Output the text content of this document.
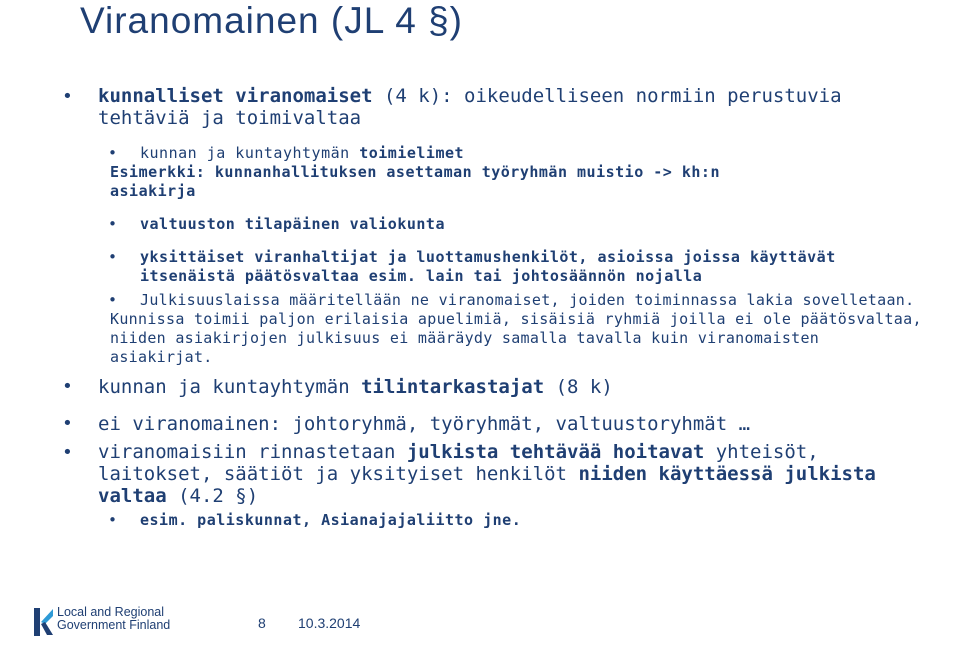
Viranomainen (JL 4 §)
• kunnalliset viranomaiset (4 k): oikeudelliseen normiin perustuvia
tehtäviä ja toimivaltaa
• kunnan ja kuntayhtymän toimielimet

Esimerkki: kunnanhallituksen asettaman työryhmän muistio -> kh:n
asiakirja
• valtuuston tilapäinen valiokunta
• yksittäiset viranhaltijat ja luottamushenkilöt, asioissa joissa käyttävät
itsenäistä päätösvaltaa esim. lain tai johtosäännön nojalla
• Julkisuuslaissa määritellään ne viranomaiset, joiden toiminnassa lakia sovelletaan.

Kunnissa toimii paljon erilaisia apuelimiä, sisäisiä ryhmiä joilla ei ole päätösvaltaa,
niiden asiakirjojen julkisuus ei määräydy samalla tavalla kuin viranomaisten
asiakirjat.
• kunnan ja kuntayhtymän tilintarkastajat (8 k)
• ei viranomainen: johtoryhmä, työryhmät, valtuustoryhmät …
• viranomaisiin rinnastetaan julkista tehtävää hoitavat yhteisöt,
laitokset, säätiöt ja yksityiset henkilöt niiden käyttäessä julkista
valtaa (4.2 §)
• esim. paliskunnat, Asianajajaliitto jne.
Local and Regional
Government Finland	8 10.3.2014
